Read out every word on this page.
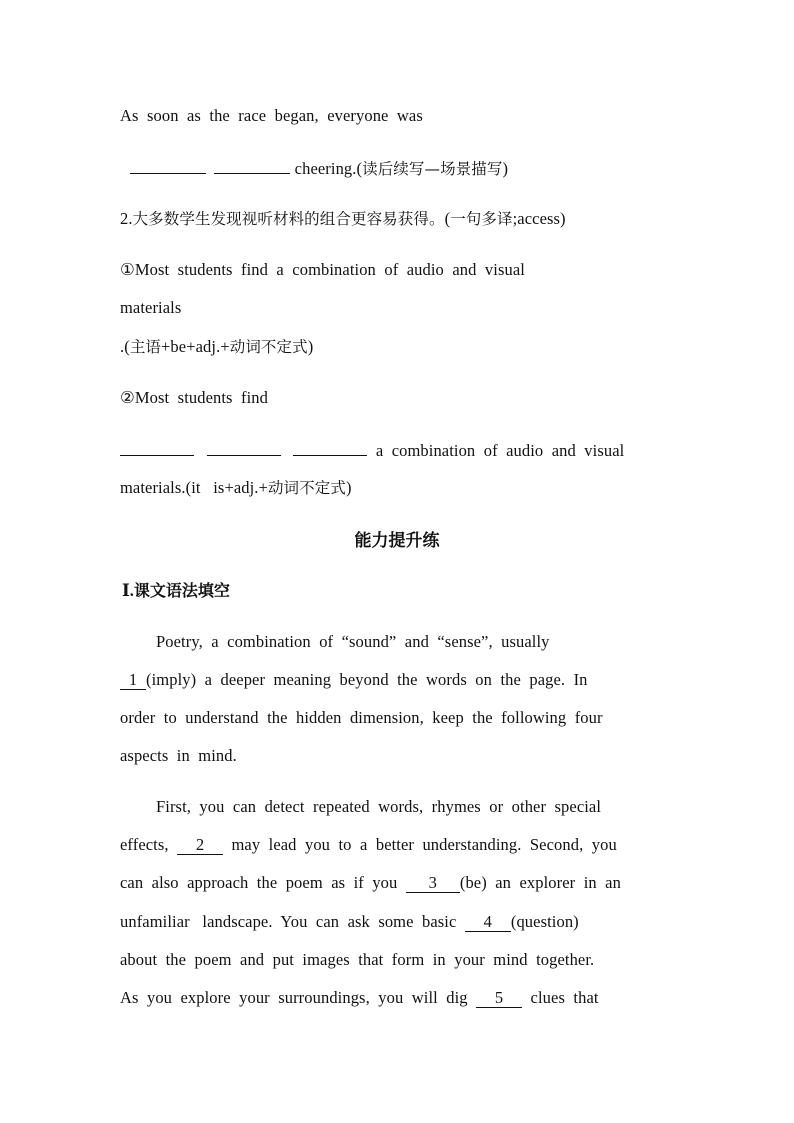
As  soon  as  the  race  began,  everyone  was
cheering.(读后续写—场景描写)
2.大多数学生发现视听材料的组合更容易获得。(一句多译;access)
①Most  students  find  a  combination  of  audio  and  visual
materials
.(主语+be+adj.+动词不定式)
②Most  students  find
a  combination  of  audio  and  visual
materials.(it   is+adj.+动词不定式)
能力提升练
Ⅰ.课文语法填空
Poetry,  a  combination  of  “sound”  and  “sense”,  usually
1 (imply)  a  deeper  meaning  beyond  the  words  on  the  page.  In
order  to  understand  the  hidden  dimension,  keep  the  following  four
aspects  in  mind.
First,  you  can  detect  repeated  words,  rhymes  or  other  special
effects,  2  may  lead  you  to  a  better  understanding.  Second,  you
can  also  approach  the  poem  as  if  you  3 (be)  an  explorer  in  an
unfamiliar   landscape.  You  can  ask  some  basic  4 (question)
about  the  poem  and  put  images  that  form  in  your  mind  together.
As  you  explore  your  surroundings,  you  will  dig  5  clues  that
